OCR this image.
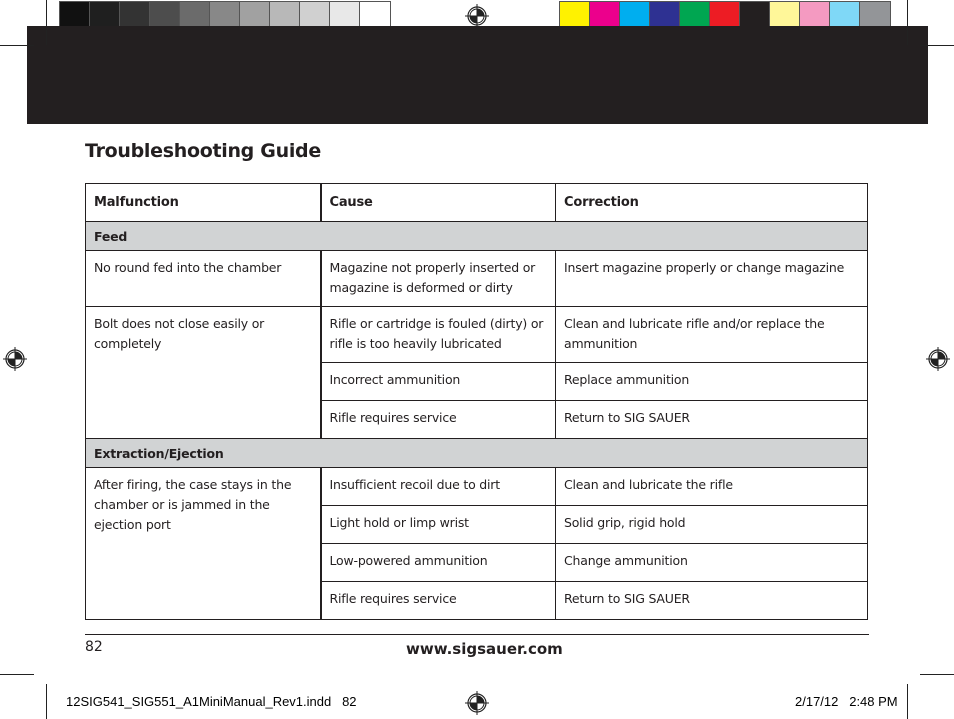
Troubleshooting Guide
Malfunction	Cause	Correction
Feed		
No round fed into the chamber	Magazine not properly inserted or magazine is deformed or dirty	Insert magazine properly or change magazine
Bolt does not close easily or completely	Rifle or cartridge is fouled (dirty) or rifle is too heavily lubricated	Clean and lubricate rifle and/or replace the ammunition
	Incorrect ammunition	Replace ammunition
	Rifle requires service	Return to SIG SAUER
Extraction/Ejection		
After firing, the case stays in the chamber or is jammed in the ejection port	Insufficient recoil due to dirt	Clean and lubricate the rifle
	Light hold or limp wrist	Solid grip, rigid hold
	Low-powered ammunition	Change ammunition
	Rifle requires service	Return to SIG SAUER
82	www.sigsauer.com
12SIG541_SIG551_A1MiniManual_Rev1.indd   82	2/17/12   2:48 PM
